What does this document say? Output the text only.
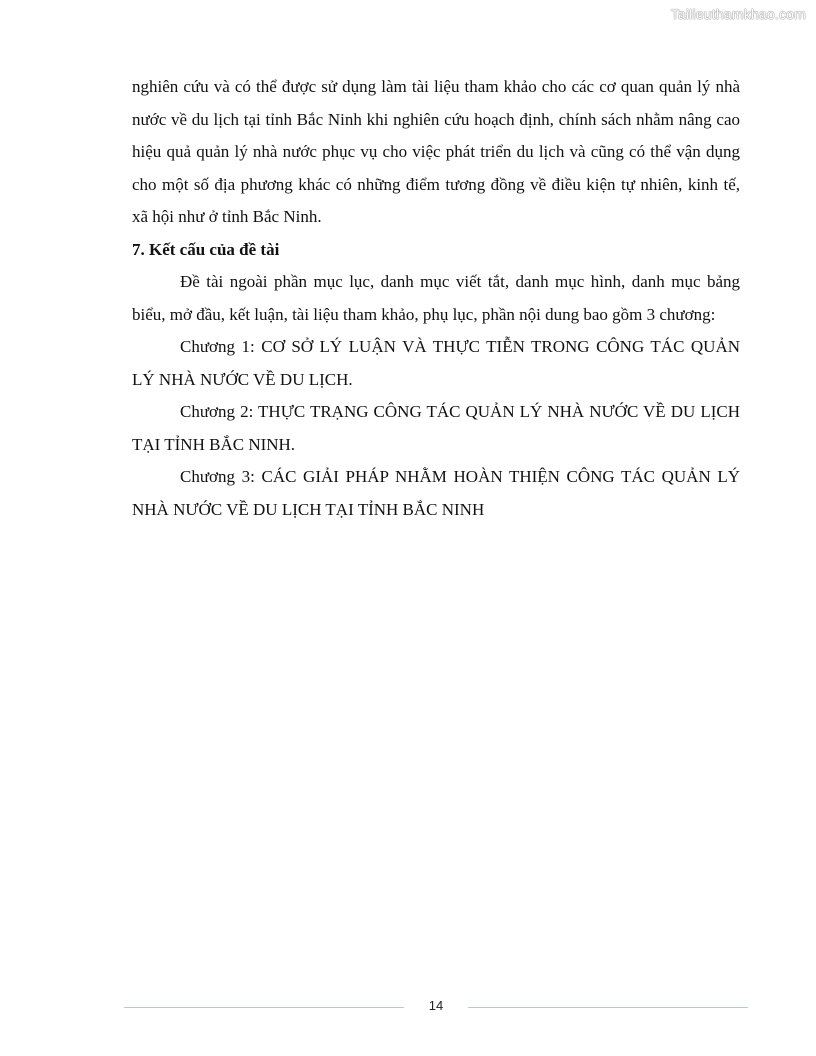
Tailieuthamkhao.com

nghiên cứu và có thể được sử dụng làm tài liệu tham khảo cho các cơ quan quản lý nhà nước về du lịch tại tỉnh Bắc Ninh khi nghiên cứu hoạch định, chính sách nhằm nâng cao hiệu quả quản lý nhà nước phục vụ cho việc phát triển du lịch và cũng có thể vận dụng cho một số địa phương khác có những điểm tương đồng về điều kiện tự nhiên, kinh tế, xã hội như ở tỉnh Bắc Ninh.

7. Kết cấu của đề tài

Đề tài ngoài phần mục lục, danh mục viết tắt, danh mục hình, danh mục bảng biểu, mở đầu, kết luận, tài liệu tham khảo, phụ lục, phần nội dung bao gồm 3 chương:

Chương 1: CƠ SỞ LÝ LUẬN VÀ THỰC TIỄN TRONG CÔNG TÁC QUẢN LÝ NHÀ NƯỚC VỀ DU LỊCH.

Chương 2: THỰC TRẠNG CÔNG TÁC QUẢN LÝ NHÀ NƯỚC VỀ DU LỊCH TẠI TỈNH BẮC NINH.

Chương 3: CÁC GIẢI PHÁP NHẰM HOÀN THIỆN CÔNG TÁC QUẢN LÝ NHÀ NƯỚC VỀ DU LỊCH TẠI TỈNH BẮC NINH

14
